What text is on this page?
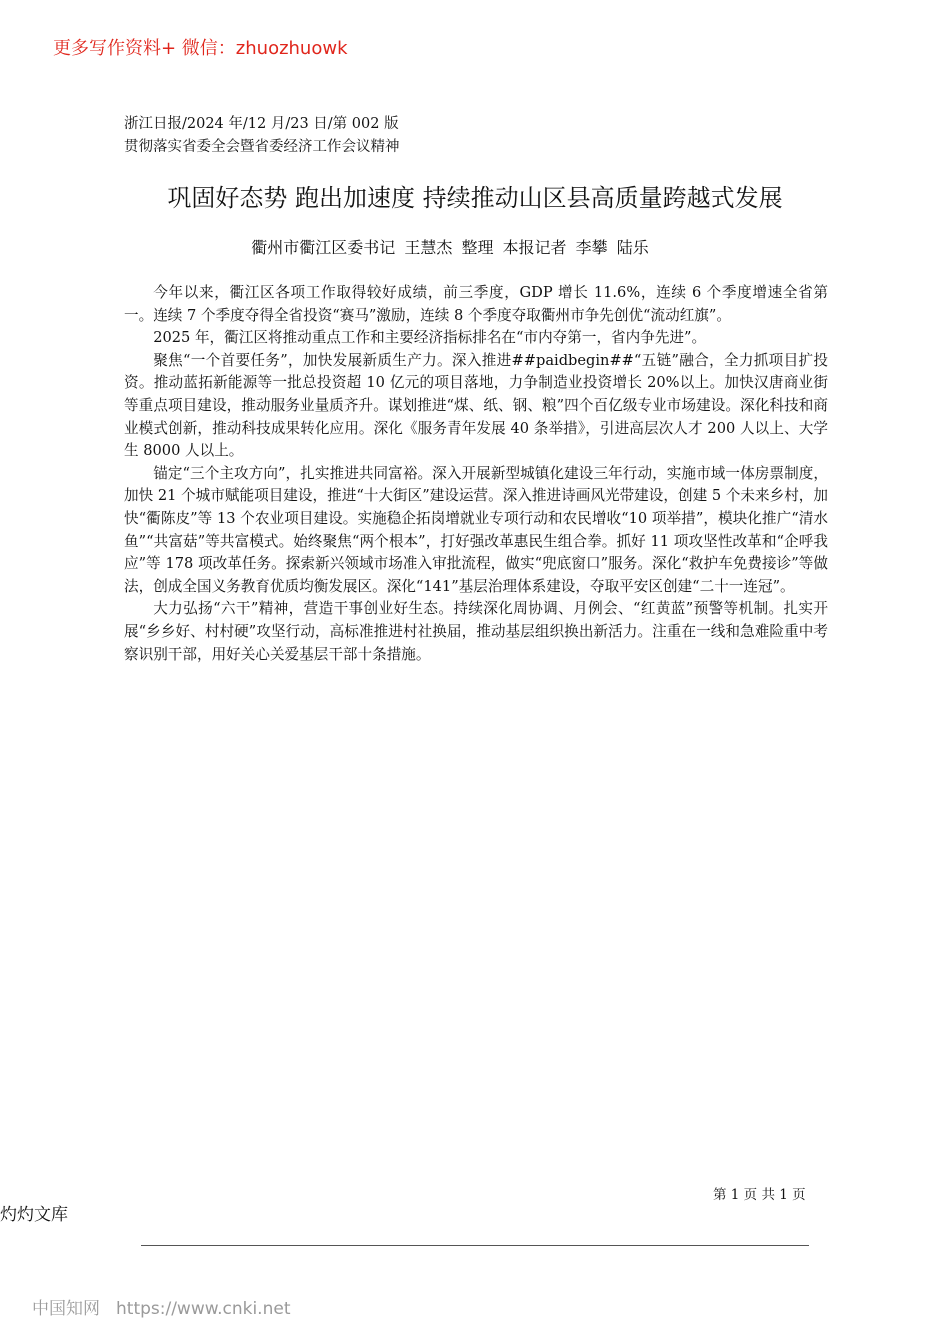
更多写作资料+ 微信：zhuozhuowk
浙江日报/2024 年/12 月/23 日/第 002 版
贯彻落实省委全会暨省委经济工作会议精神
巩固好态势 跑出加速度 持续推动山区县高质量跨越式发展
衢州市衢江区委书记 王慧杰 整理 本报记者 李攀 陆乐

今年以来，衢江区各项工作取得较好成绩，前三季度，GDP 增长 11.6%，连续 6 个季度增速全省第一。连续 7 个季度夺得全省投资“赛马”激励，连续 8 个季度夺取衢州市争先创优“流动红旗”。

2025 年，衢江区将推动重点工作和主要经济指标排名在“市内夺第一，省内争先进”。

聚焦“一个首要任务”，加快发展新质生产力。深入推进##paidbegin##“五链”融合，全力抓项目扩投资。推动蓝拓新能源等一批总投资超 10 亿元的项目落地，力争制造业投资增长 20%以上。加快汉唐商业街等重点项目建设，推动服务业量质齐升。谋划推进“煤、纸、钢、粮”四个百亿级专业市场建设。深化科技和商业模式创新，推动科技成果转化应用。深化《服务青年发展 40 条举措》，引进高层次人才 200 人以上、大学生 8000 人以上。

锚定“三个主攻方向”，扎实推进共同富裕。深入开展新型城镇化建设三年行动，实施市域一体房票制度，加快 21 个城市赋能项目建设，推进“十大街区”建设运营。深入推进诗画风光带建设，创建 5 个未来乡村，加快“衢陈皮”等 13 个农业项目建设。实施稳企拓岗增就业专项行动和农民增收“10 项举措”，模块化推广“清水鱼”“共富菇”等共富模式。始终聚焦“两个根本”，打好强改革惠民生组合拳。抓好 11 项攻坚性改革和“企呼我应”等 178 项改革任务。探索新兴领域市场准入审批流程，做实“兜底窗口”服务。深化“救护车免费接诊”等做法，创成全国义务教育优质均衡发展区。深化“141”基层治理体系建设，夺取平安区创建“二十一连冠”。

大力弘扬“六干”精神，营造干事创业好生态。持续深化周协调、月例会、“红黄蓝”预警等机制。扎实开展“乡乡好、村村硬”攻坚行动，高标准推进村社换届，推动基层组织换出新活力。注重在一线和急难险重中考察识别干部，用好关心关爱基层干部十条措施。

第 1 页 共 1 页
灼灼文库
中国知网 https://www.cnki.net
